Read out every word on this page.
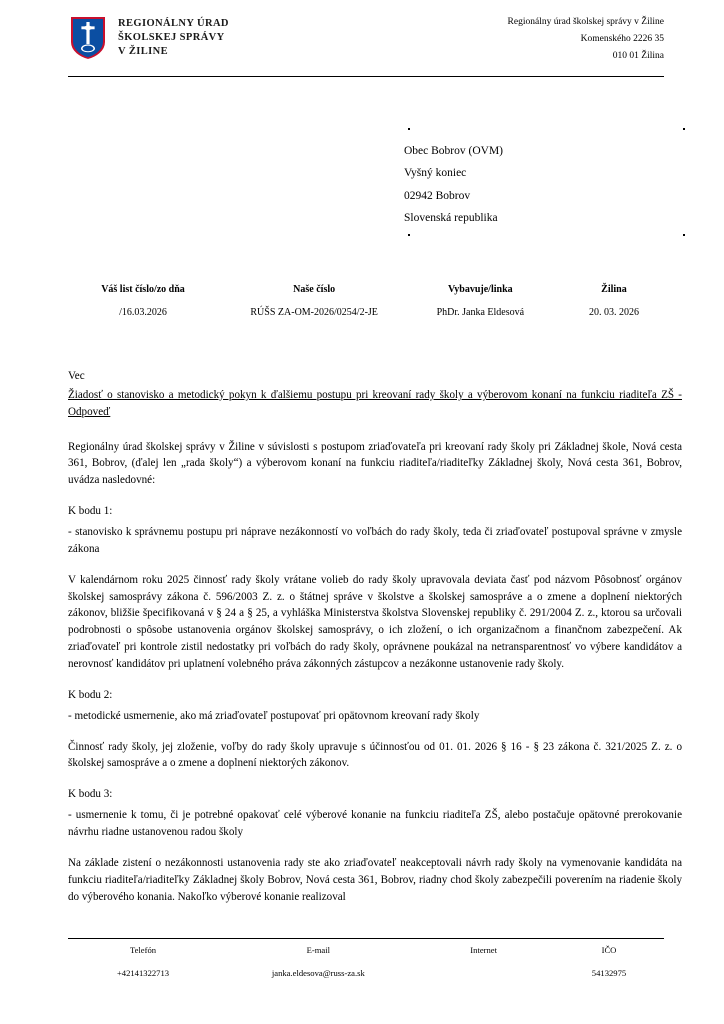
REGIONÁLNY ÚRAD
ŠKOLSKEJ SPRÁVY
V ŽILINE
Regionálny úrad školskej správy v Žiline
Komenského 2226 35
010 01 Žilina
Obec Bobrov (OVM)
Vyšný koniec
02942 Bobrov
Slovenská republika
Váš list číslo/zo dňa
/16.03.2026
Naše číslo
RÚŠS ZA-OM-2026/0254/2-JE
Vybavuje/linka
PhDr. Janka Eldesová
Žilina
20. 03. 2026

Vec

Žiadosť o stanovisko a metodický pokyn k ďalšiemu postupu pri kreovaní rady školy a výberovom konaní na funkciu riaditeľa ZŠ - Odpoveď

Regionálny úrad školskej správy v Žiline v súvislosti s postupom zriaďovateľa pri kreovaní rady školy pri Základnej škole, Nová cesta 361, Bobrov, (ďalej len „rada školy“) a výberovom konaní na funkciu riaditeľa/riaditeľky Základnej školy, Nová cesta 361, Bobrov, uvádza nasledovné:

K bodu 1:

- stanovisko k správnemu postupu pri náprave nezákonností vo voľbách do rady školy, teda či zriaďovateľ postupoval správne v zmysle zákona

V kalendárnom roku 2025 činnosť rady školy vrátane volieb do rady školy upravovala deviata časť pod názvom Pôsobnosť orgánov školskej samosprávy zákona č. 596/2003 Z. z. o štátnej správe v školstve a školskej samospráve a o zmene a doplnení niektorých zákonov, bližšie špecifikovaná v § 24 a § 25, a vyhláška Ministerstva školstva Slovenskej republiky č. 291/2004 Z. z., ktorou sa určovali podrobnosti o spôsobe ustanovenia orgánov školskej samosprávy, o ich zložení, o ich organizačnom a finančnom zabezpečení. Ak zriaďovateľ pri kontrole zistil nedostatky pri voľbách do rady školy, oprávnene poukázal na netransparentnosť vo výbere kandidátov a nerovnosť kandidátov pri uplatnení volebného práva zákonných zástupcov a nezákonne ustanovenie rady školy.

K bodu 2:

- metodické usmernenie, ako má zriaďovateľ postupovať pri opätovnom kreovaní rady školy

Činnosť rady školy, jej zloženie, voľby do rady školy upravuje s účinnosťou od 01. 01. 2026 § 16 - § 23 zákona č. 321/2025 Z. z. o školskej samospráve a o zmene a doplnení niektorých zákonov.

K bodu 3:

- usmernenie k tomu, či je potrebné opakovať celé výberové konanie na funkciu riaditeľa ZŠ, alebo postačuje opätovné prerokovanie návrhu riadne ustanovenou radou školy

Na základe zistení o nezákonnosti ustanovenia rady ste ako zriaďovateľ neakceptovali návrh rady školy na vymenovanie kandidáta na funkciu riaditeľa/riaditeľky Základnej školy Bobrov, Nová cesta 361, Bobrov, riadny chod školy zabezpečili poverením na riadenie školy do výberového konania. Nakoľko výberové konanie realizoval

Telefón
+42141322713
E-mail
janka.eldesova@russ-za.sk
Internet	IČO
54132975
